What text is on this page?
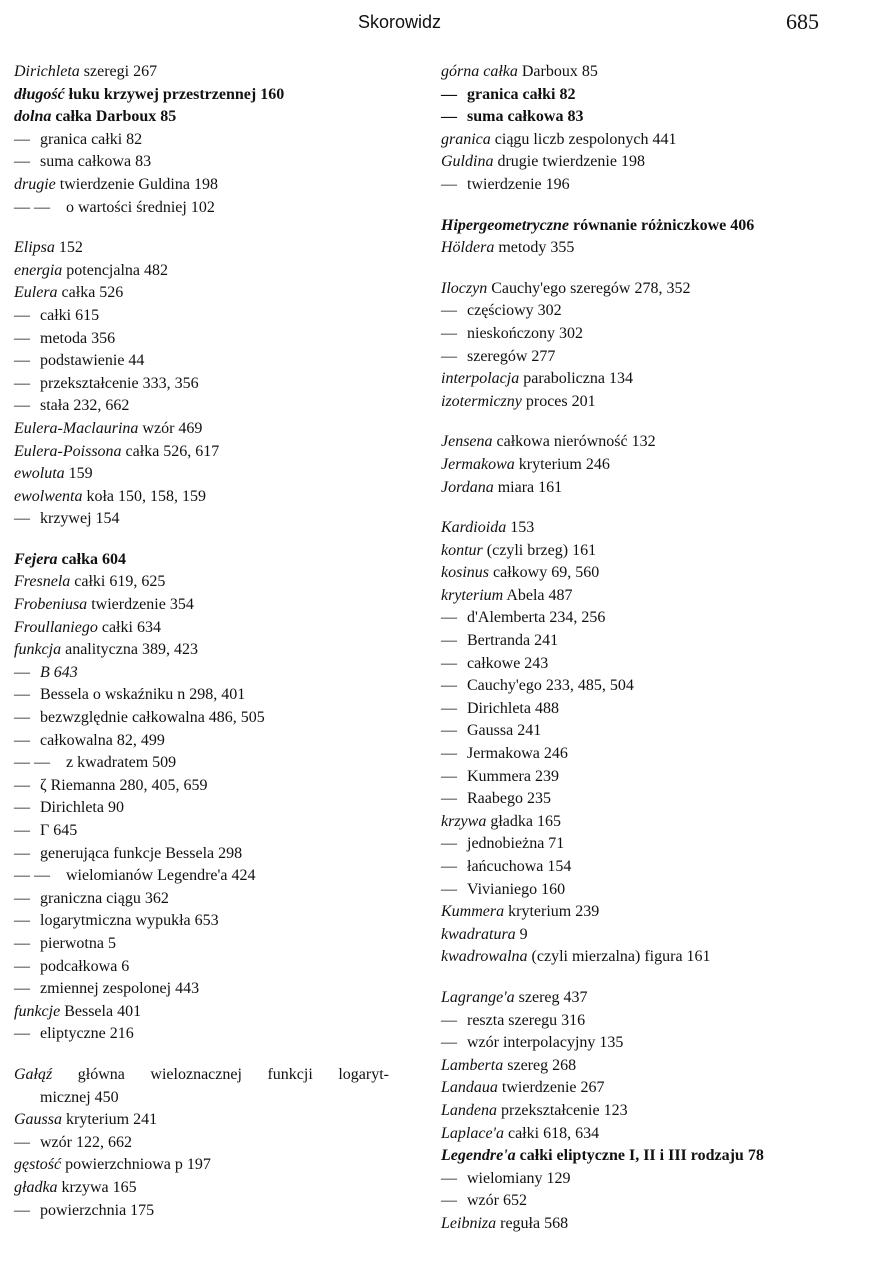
Skorowidz	685
Dirichleta szeregi 267
długość łuku krzywej przestrzennej 160
dolna całka Darboux 85
— granica całki 82
— suma całkowa 83
drugie twierdzenie Guldina 198
— — o wartości średniej 102
Elipsa 152
energia potencjalna 482
Eulera całka 526
— całki 615
— metoda 356
— podstawienie 44
— przekształcenie 333, 356
— stała 232, 662
Eulera-Maclaurina wzór 469
Eulera-Poissona całka 526, 617
ewoluta 159
ewolwenta koła 150, 158, 159
— krzywej 154
Fejera całka 604
Fresnela całki 619, 625
Frobeniusa twierdzenie 354
Froullaniego całki 634
funkcja analityczna 389, 423
— B 643
— Bessela o wskaźniku n 298, 401
— bezwzględnie całkowalna 486, 505
— całkowalna 82, 499
— — z kwadratem 509
— ζ Riemanna 280, 405, 659
— Dirichleta 90
— Γ 645
— generująca funkcje Bessela 298
— — wielomianów Legendre'a 424
— graniczna ciągu 362
— logarytmiczna wypukła 653
— pierwotna 5
— podcałkowa 6
— zmiennej zespolonej 443
funkcje Bessela 401
— eliptyczne 216
Gałąź główna wieloznacznej funkcji logaryt-
micznej 450
Gaussa kryterium 241
— wzór 122, 662
gęstość powierzchniowa p 197
gładka krzywa 165
— powierzchnia 175
górna całka Darboux 85
— granica całki 82
— suma całkowa 83
granica ciągu liczb zespolonych 441
Guldina drugie twierdzenie 198
— twierdzenie 196
Hipergeometryczne równanie różniczkowe 406
Höldera metody 355
Iloczyn Cauchy'ego szeregów 278, 352
— częściowy 302
— nieskończony 302
— szeregów 277
interpolacja paraboliczna 134
izotermiczny proces 201
Jensena całkowa nierówność 132
Jermakowa kryterium 246
Jordana miara 161
Kardioida 153
kontur (czyli brzeg) 161
kosinus całkowy 69, 560
kryterium Abela 487
— d'Alemberta 234, 256
— Bertranda 241
— całkowe 243
— Cauchy'ego 233, 485, 504
— Dirichleta 488
— Gaussa 241
— Jermakowa 246
— Kummera 239
— Raabego 235
krzywa gładka 165
— jednobieżna 71
— łańcuchowa 154
— Vivianiego 160
Kummera kryterium 239
kwadratura 9
kwadrowalna (czyli mierzalna) figura 161
Lagrange'a szereg 437
— reszta szeregu 316
— wzór interpolacyjny 135
Lamberta szereg 268
Landaua twierdzenie 267
Landena przekształcenie 123
Laplace'a całki 618, 634
Legendre'a całki eliptyczne I, II i III rodzaju 78
— wielomiany 129
— wzór 652
Leibniza reguła 568
